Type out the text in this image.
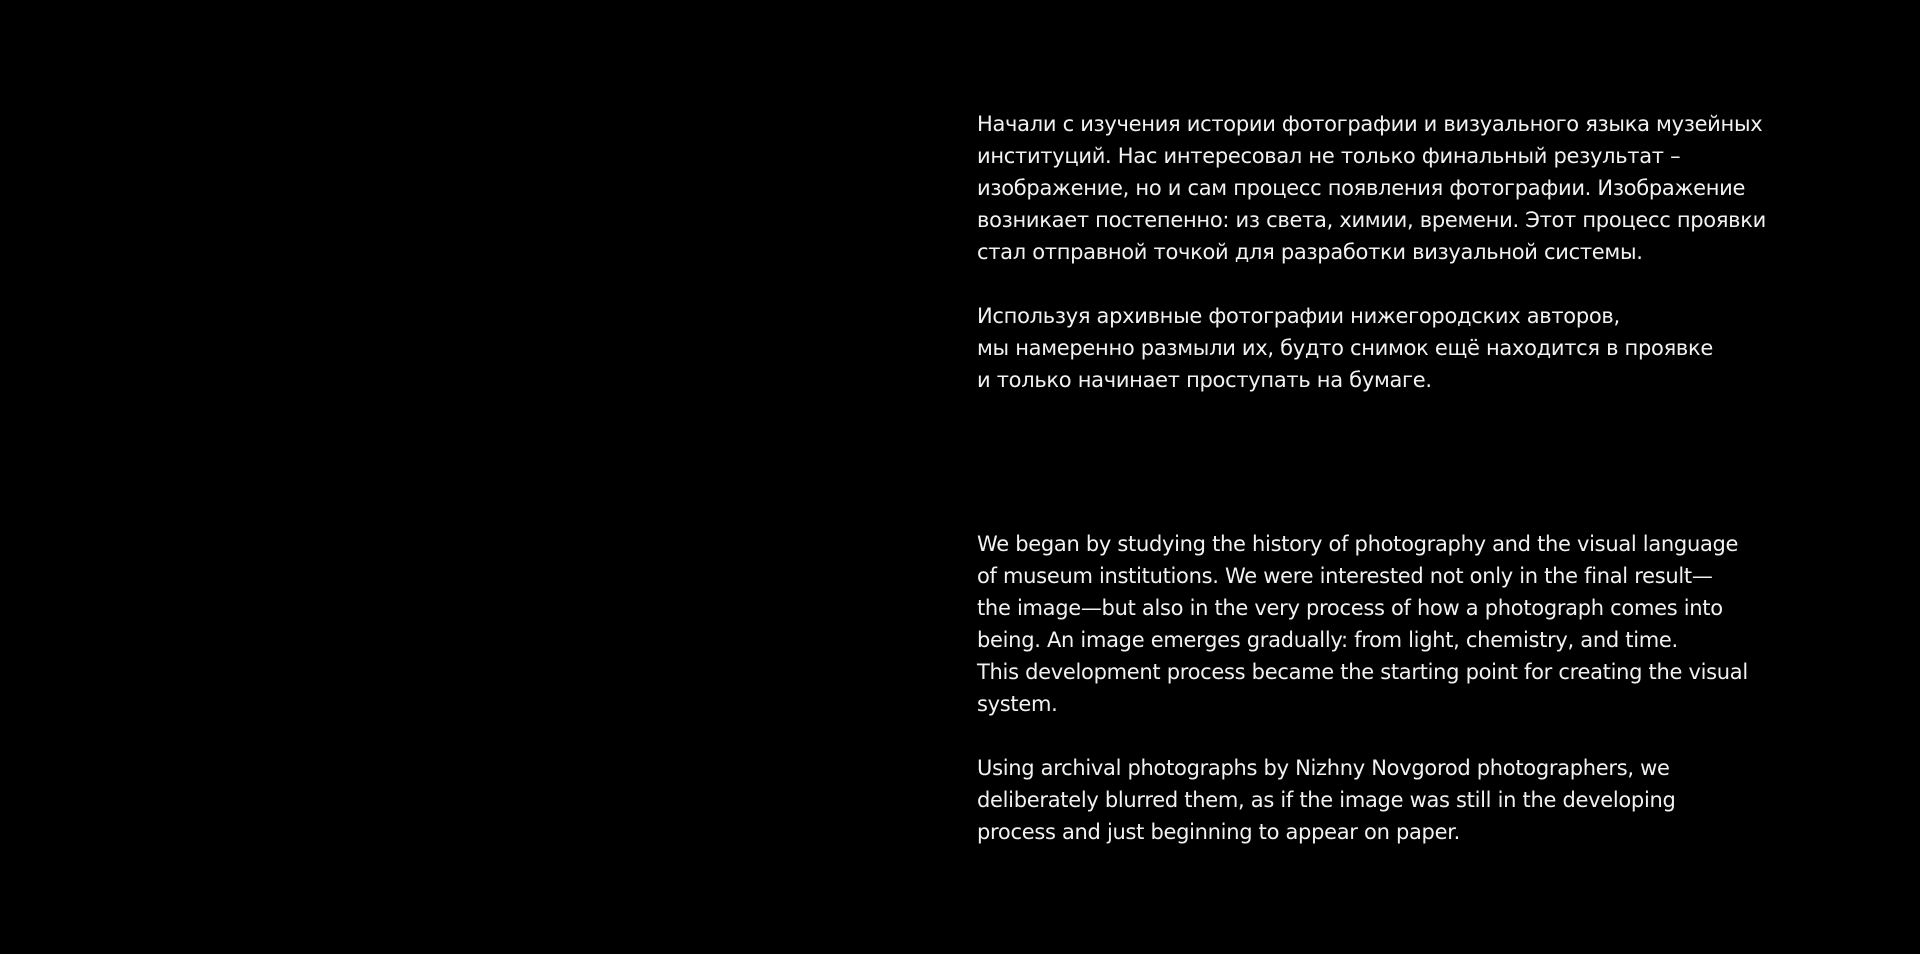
Начали с изучения истории фотографии и визуального языка музейных
институций. Нас интересовал не только финальный результат –
изображение, но и сам процесс появления фотографии. Изображение
возникает постепенно: из света, химии, времени. Этот процесс проявки
стал отправной точкой для разработки визуальной системы.

Используя архивные фотографии нижегородских авторов,
мы намеренно размыли их, будто снимок ещё находится в проявке
и только начинает проступать на бумаге.

We began by studying the history of photography and the visual language
of museum institutions. We were interested not only in the final result—
the image—but also in the very process of how a photograph comes into
being. An image emerges gradually: from light, chemistry, and time.
This development process became the starting point for creating the visual
system.

Using archival photographs by Nizhny Novgorod photographers, we
deliberately blurred them, as if the image was still in the developing
process and just beginning to appear on paper.
